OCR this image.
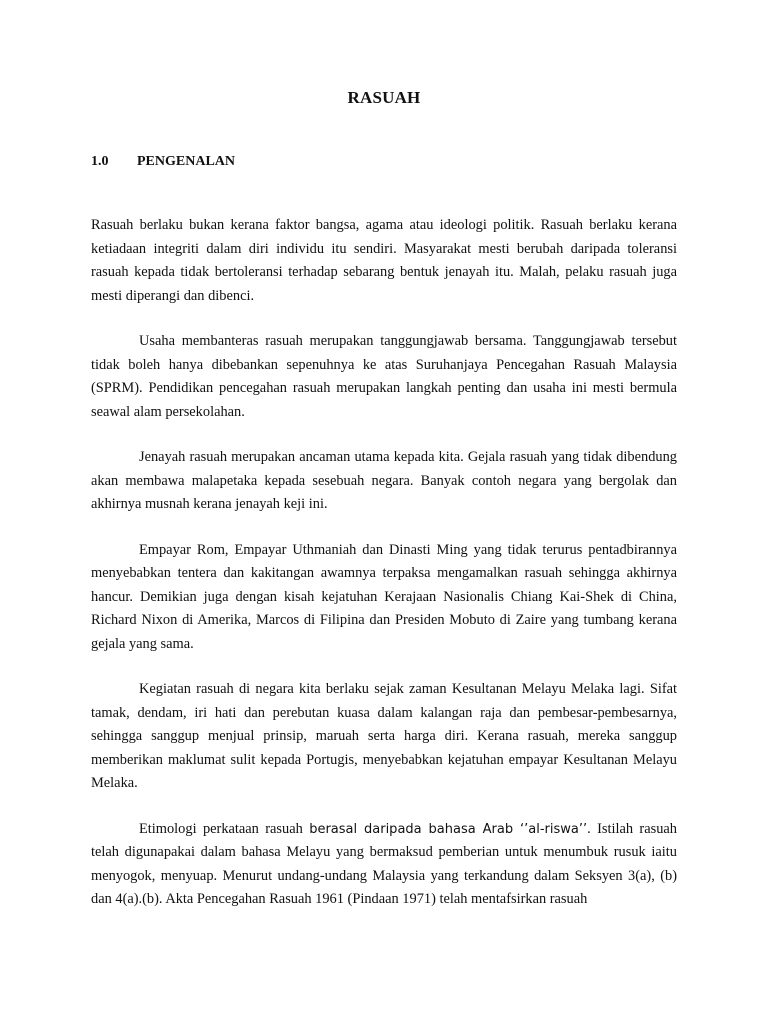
RASUAH
1.0	PENGENALAN

Rasuah berlaku bukan kerana faktor bangsa, agama atau ideologi politik. Rasuah berlaku kerana ketiadaan integriti dalam diri individu itu sendiri. Masyarakat mesti berubah daripada toleransi rasuah kepada tidak bertoleransi terhadap sebarang bentuk jenayah itu. Malah, pelaku rasuah juga mesti diperangi dan dibenci.

Usaha membanteras rasuah merupakan tanggungjawab bersama. Tanggungjawab tersebut tidak boleh hanya dibebankan sepenuhnya ke atas Suruhanjaya Pencegahan Rasuah Malaysia (SPRM). Pendidikan pencegahan rasuah merupakan langkah penting dan usaha ini mesti bermula seawal alam persekolahan.

Jenayah rasuah merupakan ancaman utama kepada kita. Gejala rasuah yang tidak dibendung akan membawa malapetaka kepada sesebuah negara. Banyak contoh negara yang bergolak dan akhirnya musnah kerana jenayah keji ini.

Empayar Rom, Empayar Uthmaniah dan Dinasti Ming yang tidak terurus pentadbirannya menyebabkan tentera dan kakitangan awamnya terpaksa mengamalkan rasuah sehingga akhirnya hancur. Demikian juga dengan kisah kejatuhan Kerajaan Nasionalis Chiang Kai-Shek di China, Richard Nixon di Amerika, Marcos di Filipina dan Presiden Mobuto di Zaire yang tumbang kerana gejala yang sama.

Kegiatan rasuah di negara kita berlaku sejak zaman Kesultanan Melayu Melaka lagi. Sifat tamak, dendam, iri hati dan perebutan kuasa dalam kalangan raja dan pembesar-pembesarnya, sehingga sanggup menjual prinsip, maruah serta harga diri. Kerana rasuah, mereka sanggup memberikan maklumat sulit kepada Portugis, menyebabkan kejatuhan empayar Kesultanan Melayu Melaka.

Etimologi perkataan rasuah berasal daripada bahasa Arab ‘’al-riswa’’. Istilah rasuah telah digunapakai dalam bahasa Melayu yang bermaksud pemberian untuk menumbuk rusuk iaitu menyogok, menyuap. Menurut undang-undang Malaysia yang terkandung dalam Seksyen 3(a), (b) dan 4(a).(b). Akta Pencegahan Rasuah 1961 (Pindaan 1971) telah mentafsirkan rasuah
